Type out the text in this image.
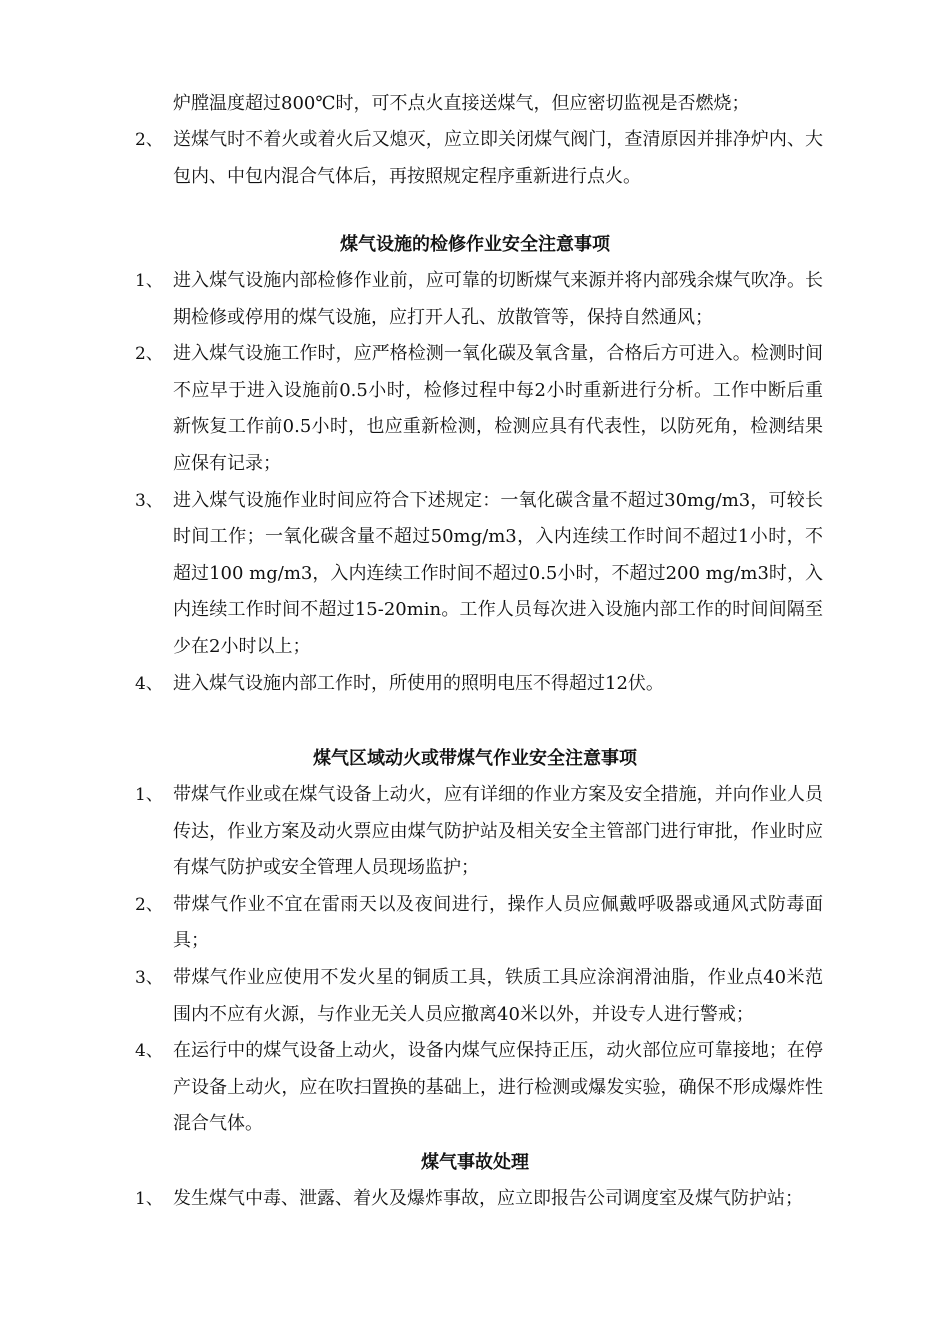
炉膛温度超过800℃时，可不点火直接送煤气，但应密切监视是否燃烧；
2、 送煤气时不着火或着火后又熄灭，应立即关闭煤气阀门，查清原因并排净炉内、大包内、中包内混合气体后，再按照规定程序重新进行点火。
煤气设施的检修作业安全注意事项
1、 进入煤气设施内部检修作业前，应可靠的切断煤气来源并将内部残余煤气吹净。长期检修或停用的煤气设施，应打开人孔、放散管等，保持自然通风；
2、 进入煤气设施工作时，应严格检测一氧化碳及氧含量，合格后方可进入。检测时间不应早于进入设施前0.5小时，检修过程中每2小时重新进行分析。工作中断后重新恢复工作前0.5小时，也应重新检测，检测应具有代表性，以防死角，检测结果应保有记录；
3、 进入煤气设施作业时间应符合下述规定：一氧化碳含量不超过30mg/m3，可较长时间工作；一氧化碳含量不超过50mg/m3，入内连续工作时间不超过1小时，不超过100 mg/m3，入内连续工作时间不超过0.5小时，不超过200 mg/m3时，入内连续工作时间不超过15-20min。工作人员每次进入设施内部工作的时间间隔至少在2小时以上；
4、 进入煤气设施内部工作时，所使用的照明电压不得超过12伏。
煤气区域动火或带煤气作业安全注意事项
1、 带煤气作业或在煤气设备上动火，应有详细的作业方案及安全措施，并向作业人员传达，作业方案及动火票应由煤气防护站及相关安全主管部门进行审批，作业时应有煤气防护或安全管理人员现场监护；
2、 带煤气作业不宜在雷雨天以及夜间进行，操作人员应佩戴呼吸器或通风式防毒面具；
3、 带煤气作业应使用不发火星的铜质工具，铁质工具应涂润滑油脂，作业点40米范围内不应有火源，与作业无关人员应撤离40米以外，并设专人进行警戒；
4、 在运行中的煤气设备上动火，设备内煤气应保持正压，动火部位应可靠接地；在停产设备上动火，应在吹扫置换的基础上，进行检测或爆发实验，确保不形成爆炸性混合气体。
煤气事故处理
1、 发生煤气中毒、泄露、着火及爆炸事故，应立即报告公司调度室及煤气防护站；
